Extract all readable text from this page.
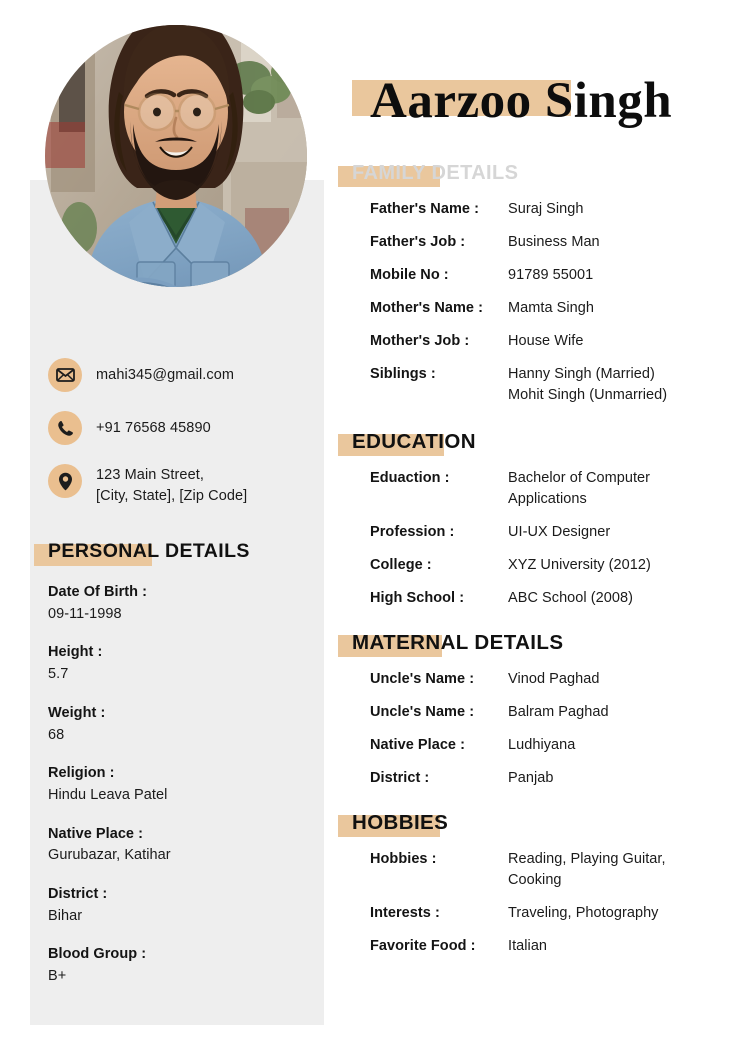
mahi345@gmail.com
+91 76568 45890
123 Main Street,
[City, State], [Zip Code]
PERSONAL DETAILS
Date Of Birth :
09-11-1998
Height :
5.7
Weight :
68
Religion :
Hindu Leava Patel
Native Place :
Gurubazar, Katihar
District :
Bihar
Blood Group :
B+
Aarzoo Singh
FAMILY DETAILS
Father's Name :	Suraj Singh
Father's Job :	Business Man
Mobile No :	91789 55001
Mother's Name :	Mamta Singh
Mother's Job :	House Wife
Siblings :	Hanny Singh (Married)
Mohit Singh (Unmarried)
EDUCATION
Eduaction :	Bachelor of Computer
Applications
Profession :	UI-UX Designer
College :	XYZ University (2012)
High School :	ABC School (2008)
MATERNAL DETAILS
Uncle's Name :	Vinod Paghad
Uncle's Name :	Balram Paghad
Native Place :	Ludhiyana
District :	Panjab
HOBBIES
Hobbies :	Reading, Playing Guitar,
Cooking
Interests :	Traveling, Photography
Favorite Food :	Italian
